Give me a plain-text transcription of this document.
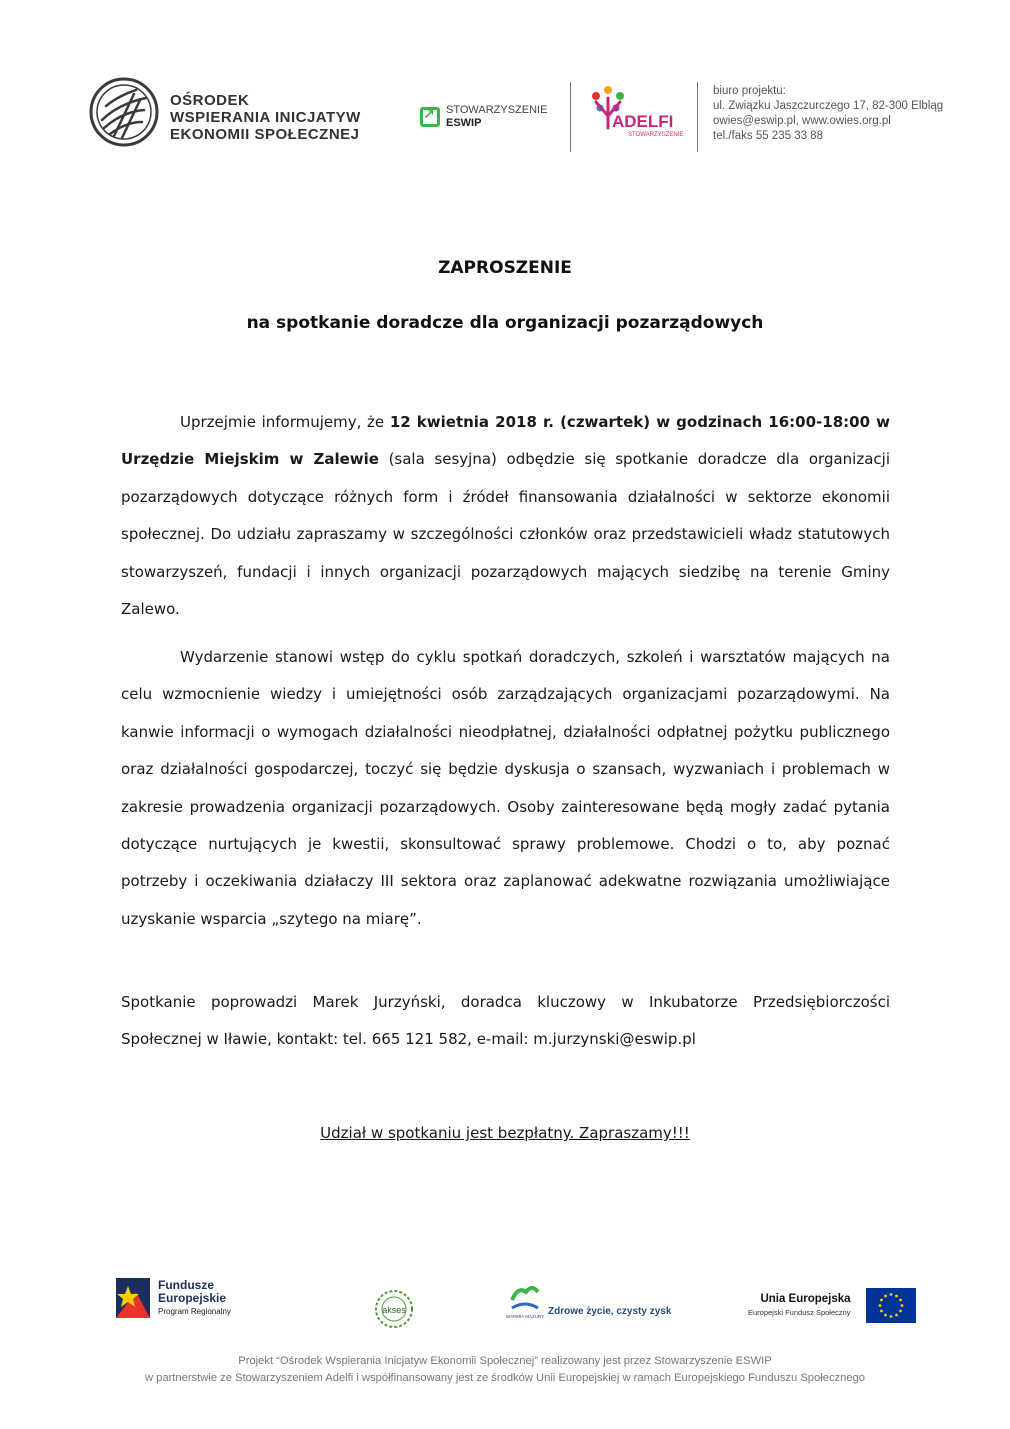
OŚRODEK
WSPIERANIA INICJATYW
EKONOMII SPOŁECZNEJ
↗
STOWARZYSZENIE
ESWIP	ADELFI
STOWARZYSZENIE
biuro projektu:
ul. Związku Jaszczurczego 17, 82-300 Elbląg
owies@eswip.pl, www.owies.org.pl
tel./faks 55 235 33 88
ZAPROSZENIE
na spotkanie doradcze dla organizacji pozarządowych
Uprzejmie informujemy, że 12 kwietnia 2018 r. (czwartek) w godzinach 16:00-18:00 w Urzędzie Miejskim w Zalewie (sala sesyjna) odbędzie się spotkanie doradcze dla organizacji pozarządowych dotyczące różnych form i źródeł finansowania działalności w sektorze ekonomii społecznej. Do udziału zapraszamy w szczególności członków oraz przedstawicieli władz statutowych stowarzyszeń, fundacji i innych organizacji pozarządowych mających siedzibę na terenie Gminy Zalewo.
Wydarzenie stanowi wstęp do cyklu spotkań doradczych, szkoleń i warsztatów mających na celu wzmocnienie wiedzy i umiejętności osób zarządzających organizacjami pozarządowymi. Na kanwie informacji o wymogach działalności nieodpłatnej, działalności odpłatnej pożytku publicznego oraz działalności gospodarczej, toczyć się będzie dyskusja o szansach, wyzwaniach i problemach w zakresie prowadzenia organizacji pozarządowych. Osoby zainteresowane będą mogły zadać pytania dotyczące nurtujących je kwestii, skonsultować sprawy problemowe. Chodzi o to, aby poznać potrzeby i oczekiwania działaczy III sektora oraz zaplanować adekwatne rozwiązania umożliwiające uzyskanie wsparcia „szytego na miarę”.
Spotkanie poprowadzi Marek Jurzyński, doradca kluczowy w Inkubatorze Przedsiębiorczości Społecznej w Iławie, kontakt: tel. 665 121 582, e-mail: m.jurzynski@eswip.pl
Udział w spotkaniu jest bezpłatny. Zapraszamy!!!
Fundusze
Europejskie
Program Regionalny	akses
WARMIA MAZURY Zdrowe życie, czysty zysk
Unia Europejska
Europejski Fundusz Społeczny
Projekt “Ośrodek Wspierania Inicjatyw Ekonomii Społecznej” realizowany jest przez Stowarzyszenie ESWIP
w partnerstwie ze Stowarzyszeniem Adelfi i współfinansowany jest ze środków Unii Europejskiej w ramach Europejskiego Funduszu Społecznego
